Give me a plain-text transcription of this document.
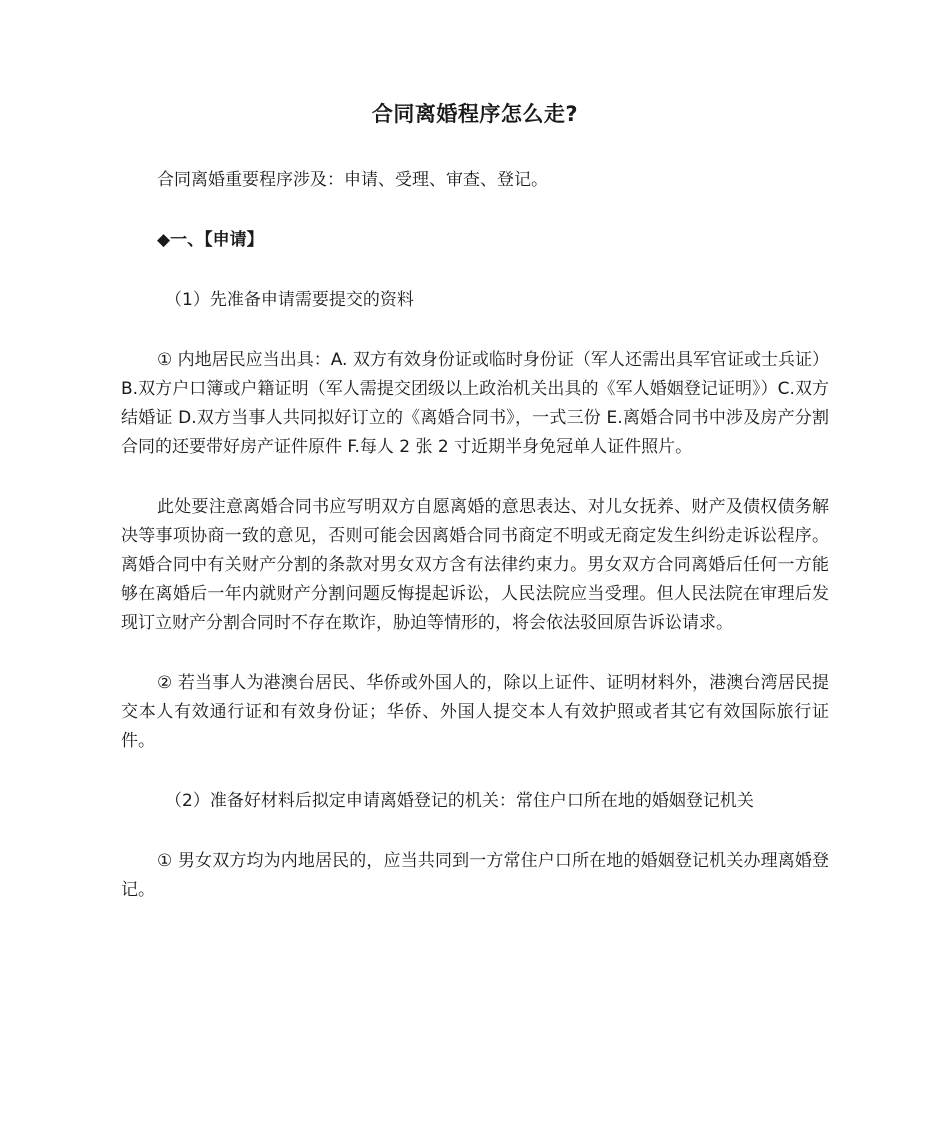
合同离婚程序怎么走?

合同离婚重要程序涉及：申请、受理、审查、登记。

◆一、【申请】

（1）先准备申请需要提交的资料

① 内地居民应当出具：A. 双方有效身份证或临时身份证（军人还需出具军官证或士兵证）B.双方户口簿或户籍证明（军人需提交团级以上政治机关出具的《军人婚姻登记证明》）C.双方结婚证 D.双方当事人共同拟好订立的《离婚合同书》，一式三份 E.离婚合同书中涉及房产分割合同的还要带好房产证件原件 F.每人 2 张 2 寸近期半身免冠单人证件照片。

此处要注意离婚合同书应写明双方自愿离婚的意思表达、对儿女抚养、财产及债权债务解决等事项协商一致的意见，否则可能会因离婚合同书商定不明或无商定发生纠纷走诉讼程序。离婚合同中有关财产分割的条款对男女双方含有法律约束力。男女双方合同离婚后任何一方能够在离婚后一年内就财产分割问题反悔提起诉讼，人民法院应当受理。但人民法院在审理后发现订立财产分割合同时不存在欺诈，胁迫等情形的，将会依法驳回原告诉讼请求。

② 若当事人为港澳台居民、华侨或外国人的，除以上证件、证明材料外，港澳台湾居民提交本人有效通行证和有效身份证；华侨、外国人提交本人有效护照或者其它有效国际旅行证件。

（2）准备好材料后拟定申请离婚登记的机关：常住户口所在地的婚姻登记机关

① 男女双方均为内地居民的，应当共同到一方常住户口所在地的婚姻登记机关办理离婚登记。
